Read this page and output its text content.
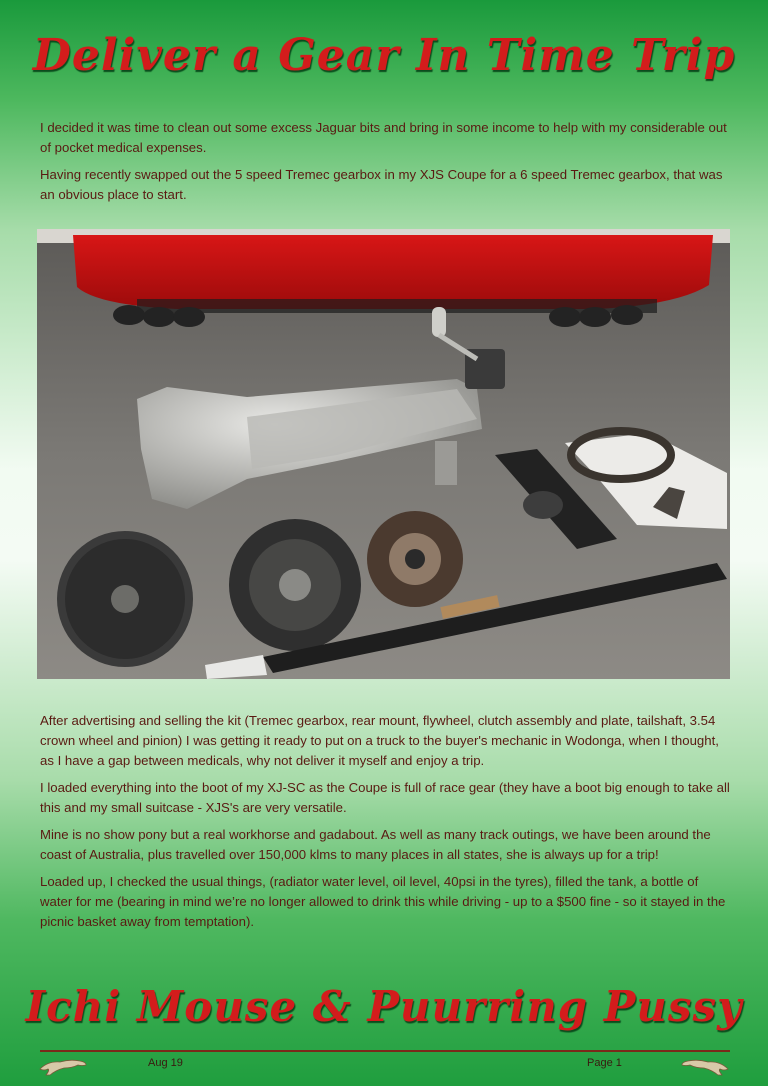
Deliver a Gear In Time Trip

I decided it was time to clean out some excess Jaguar bits and bring in some income to help with my considerable out of pocket medical expenses.

Having recently swapped out the 5 speed Tremec gearbox in my XJS Coupe for a 6 speed Tremec gearbox, that was an obvious place to start.

After advertising and selling the kit (Tremec gearbox, rear mount, flywheel, clutch assembly and plate, tailshaft, 3.54 crown wheel and pinion) I was getting it ready to put on a truck to the buyer's mechanic in Wodonga, when I thought, as I have a gap between medicals, why not deliver it myself and enjoy a trip.

I loaded everything into the boot of my XJ-SC as the Coupe is full of race gear (they have a boot big enough to take all this and my small suitcase - XJS's are very versatile.

Mine is no show pony but a real workhorse and gadabout. As well as many track outings, we have been around the coast of Australia, plus travelled over 150,000 klms to many places in all states, she is always up for a trip!

Loaded up, I checked the usual things, (radiator water level, oil level, 40psi in the tyres), filled the tank, a bottle of water for me (bearing in mind we’re no longer allowed to drink this while driving - up to a $500 fine - so it stayed in the picnic basket away from temptation).

Ichi Mouse & Puurring Pussy
Aug 19	Page 1
